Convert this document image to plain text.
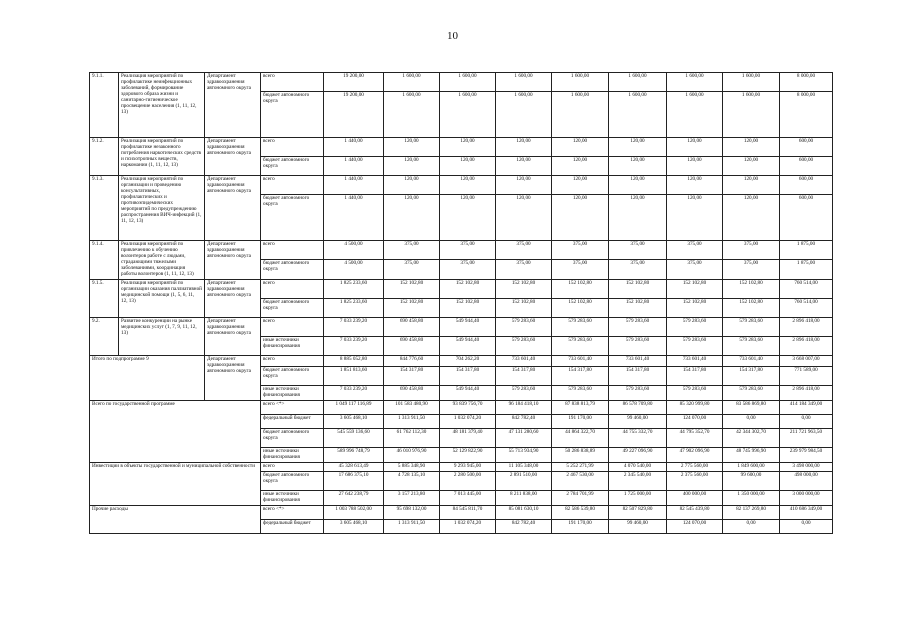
10
9.1.1.	Реализация мероприятий по профилактике неинфекционных заболеваний, формирование здорового образа жизни и санитарно-гигиеническое просвещение населения (1, 11, 12, 13)	Департамент здравоохранения автономного округа	всего	19 200,00	1 600,00	1 600,00	1 600,00	1 600,00	1 600,00	1 600,00	1 600,00	8 000,00
			бюджет автономного округа	19 200,00	1 600,00	1 600,00	1 600,00	1 600,00	1 600,00	1 600,00	1 600,00	8 000,00
9.1.2.	Реализация мероприятий по профилактике незаконного потребления наркотических средств и психотропных веществ, наркомании (1, 11, 12, 13)	Департамент здравоохранения автономного округа	всего	1 440,00	120,00	120,00	120,00	120,00	120,00	120,00	120,00	600,00
			бюджет автономного округа	1 440,00	120,00	120,00	120,00	120,00	120,00	120,00	120,00	600,00
9.1.3.	Реализация мероприятий по организации и проведению консультативных, профилактических и противоэпидемических мероприятий по предупреждению распространения ВИЧ-инфекций (1, 11, 12, 13)	Департамент здравоохранения автономного округа	всего	1 440,00	120,00	120,00	120,00	120,00	120,00	120,00	120,00	600,00
			бюджет автономного округа	1 440,00	120,00	120,00	120,00	120,00	120,00	120,00	120,00	600,00
9.1.4.	Реализация мероприятий по привлечению к обучению волонтеров работе с людьми, страдающими тяжелыми заболеваниями, координация работы волонтеров (1, 11, 12, 13)	Департамент здравоохранения автономного округа	всего	4 500,00	375,00	375,00	375,00	375,00	375,00	375,00	375,00	1 875,00
			бюджет автономного округа	4 500,00	375,00	375,00	375,00	375,00	375,00	375,00	375,00	1 875,00
9.1.5.	Реализация мероприятий по организации оказания паллиативной медицинской помощи (1, 5, 6, 11, 12, 13)	Департамент здравоохранения автономного округа	всего	1 825 233,60	152 102,80	152 102,80	152 102,80	152 102,80	152 102,80	152 102,80	152 102,80	760 514,00
			бюджет автономного округа	1 825 233,60	152 102,80	152 102,80	152 102,80	152 102,80	152 102,80	152 102,80	152 102,80	760 514,00
9.2.	Развитие конкуренции на рынке медицинских услуг (1, 7, 9, 11, 12, 13)	Департамент здравоохранения автономного округа	всего	7 033 239,20	690 458,80	549 944,40	579 283,60	579 283,60	579 283,60	579 283,60	579 283,60	2 896 418,00
			иные источники финансирования	7 033 239,20	690 458,80	549 944,40	579 283,60	579 283,60	579 283,60	579 283,60	579 283,60	2 896 418,00
Итого по подпрограмме 9		Департамент здравоохранения автономного округа	всего	8 885 052,80	844 776,60	704 262,20	733 601,40	733 601,40	733 601,40	733 601,40	733 601,40	3 668 007,00
			бюджет автономного округа	1 851 813,60	154 317,80	154 317,80	154 317,80	154 317,80	154 317,80	154 317,80	154 317,80	771 589,00
			иные источники финансирования	7 033 239,20	690 458,80	549 944,40	579 283,60	579 283,60	579 283,60	579 283,60	579 283,60	2 896 418,00
Всего по государственной программе			всего <*>	1 049 117 116,89	101 583 480,90	93 839 756,70	96 184 418,10	87 838 813,79	86 578 709,80	85 320 999,80	83 586 869,80	414 184 349,00
			федеральный бюджет	3 605 468,10	1 313 911,50	1 032 074,20	842 782,40	191 170,00	99 460,00	124 070,00	0,00	0,00
			бюджет автономного округа	545 559 136,60	61 762 112,30	48 181 379,40	47 131 280,60	44 864 322,70	44 755 332,70	44 795 352,70	42 344 302,70	211 721 963,50
			иные источники финансирования	589 996 748,79	46 010 976,90	52 129 822,90	55 713 934,90	50 286 838,89	49 227 096,90	47 902 096,90	48 745 996,90	239 979 984,50
Инвестиции в объекты государственной и муниципальной собственности			всего	45 328 613,49	5 885 348,90	9 293 945,00	11 105 348,00	5 252 271,99	4 070 540,00	2 775 560,00	1 849 600,00	3 498 000,00
			бюджет автономного округа	17 686 375,10	4 728 135,10	2 280 500,00	2 891 510,00	2 467 530,00	2 345 540,00	2 375 560,00	99 600,00	498 000,00
			иные источники финансирования	27 642 238,79	3 157 213,80	7 013 445,00	8 211 838,00	2 784 701,99	1 725 000,00	400 000,00	1 350 000,00	3 000 000,00
Прочие расходы			всего <*>	1 003 788 502,00	95 698 132,00	84 545 811,70	85 081 630,10	82 586 539,80	82 507 829,80	82 545 439,80	82 137 269,80	410 686 349,00
			федеральный бюджет	3 605 468,10	1 313 911,50	1 032 074,20	842 782,40	191 170,00	99 460,00	124 070,00	0,00	0,00
